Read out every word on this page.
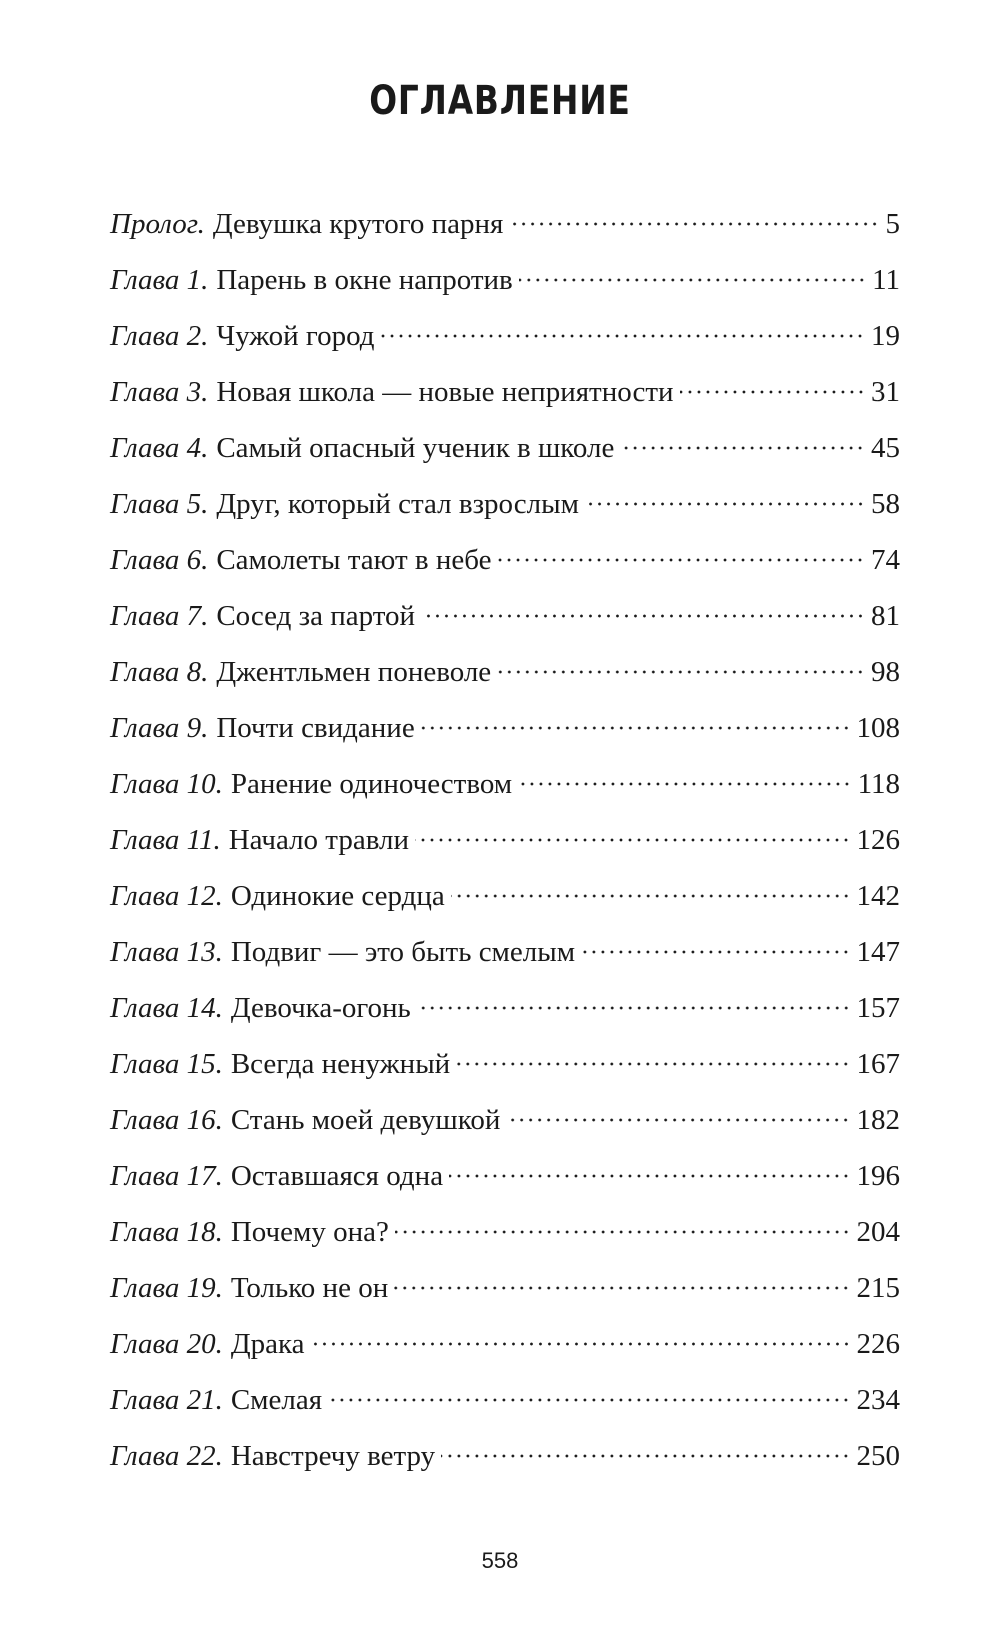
ОГЛАВЛЕНИЕ
Пролог. Девушка крутого парня	5
Глава 1. Парень в окне напротив	11
Глава 2. Чужой город	19
Глава 3. Новая школа — новые неприятности	31
Глава 4. Самый опасный ученик в школе	45
Глава 5. Друг, который стал взрослым	58
Глава 6. Самолеты тают в небе	74
Глава 7. Сосед за партой	81
Глава 8. Джентльмен поневоле	98
Глава 9. Почти свидание	108
Глава 10. Ранение одиночеством	118
Глава 11. Начало травли	126
Глава 12. Одинокие сердца	142
Глава 13. Подвиг — это быть смелым	147
Глава 14. Девочка-огонь	157
Глава 15. Всегда ненужный	167
Глава 16. Стань моей девушкой	182
Глава 17. Оставшаяся одна	196
Глава 18. Почему она?	204
Глава 19. Только не он	215
Глава 20. Драка	226
Глава 21. Смелая	234
Глава 22. Навстречу ветру	250

558
